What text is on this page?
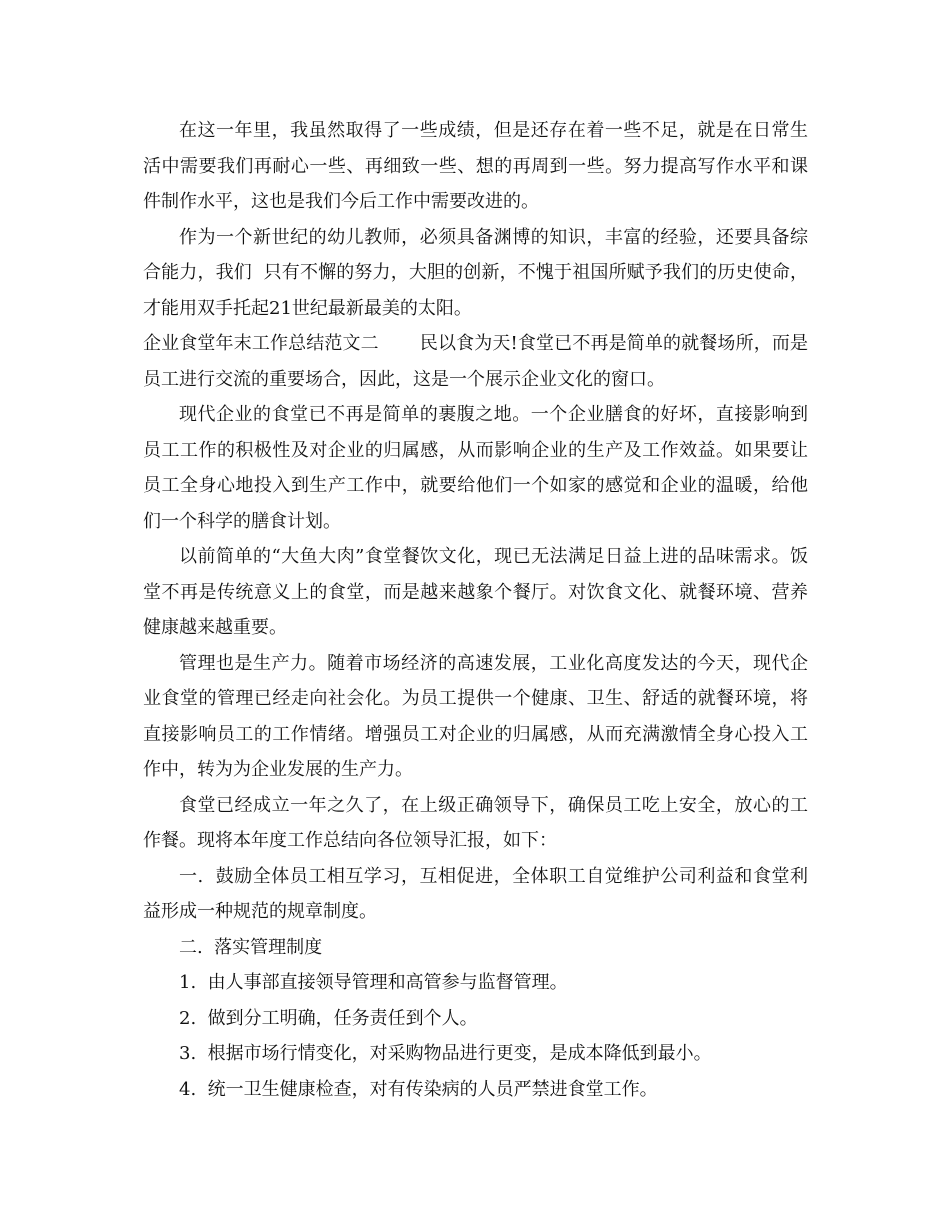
在这一年里，我虽然取得了一些成绩，但是还存在着一些不足，就是在日常生活中需要我们再耐心一些、再细致一些、想的再周到一些。努力提高写作水平和课件制作水平，这也是我们今后工作中需要改进的。

作为一个新世纪的幼儿教师，必须具备渊博的知识，丰富的经验，还要具备综合能力，我们  只有不懈的努力，大胆的创新，不愧于祖国所赋予我们的历史使命，才能用双手托起21世纪最新最美的太阳。

企业食堂年末工作总结范文二       民以食为天!食堂已不再是简单的就餐场所，而是员工进行交流的重要场合，因此，这是一个展示企业文化的窗口。

现代企业的食堂已不再是简单的裹腹之地。一个企业膳食的好坏，直接影响到员工工作的积极性及对企业的归属感，从而影响企业的生产及工作效益。如果要让员工全身心地投入到生产工作中，就要给他们一个如家的感觉和企业的温暖，给他们一个科学的膳食计划。

以前简单的“大鱼大肉”食堂餐饮文化，现已无法满足日益上进的品味需求。饭堂不再是传统意义上的食堂，而是越来越象个餐厅。对饮食文化、就餐环境、营养健康越来越重要。

管理也是生产力。随着市场经济的高速发展，工业化高度发达的今天，现代企业食堂的管理已经走向社会化。为员工提供一个健康、卫生、舒适的就餐环境，将直接影响员工的工作情绪。增强员工对企业的归属感，从而充满激情全身心投入工作中，转为为企业发展的生产力。

食堂已经成立一年之久了，在上级正确领导下，确保员工吃上安全，放心的工作餐。现将本年度工作总结向各位领导汇报，如下：

一.  鼓励全体员工相互学习，互相促进，全体职工自觉维护公司利益和食堂利益形成一种规范的规章制度。

二.  落实管理制度

1.  由人事部直接领导管理和高管参与监督管理。

2.  做到分工明确，任务责任到个人。

3.  根据市场行情变化，对采购物品进行更变，是成本降低到最小。

4.  统一卫生健康检查，对有传染病的人员严禁进食堂工作。
